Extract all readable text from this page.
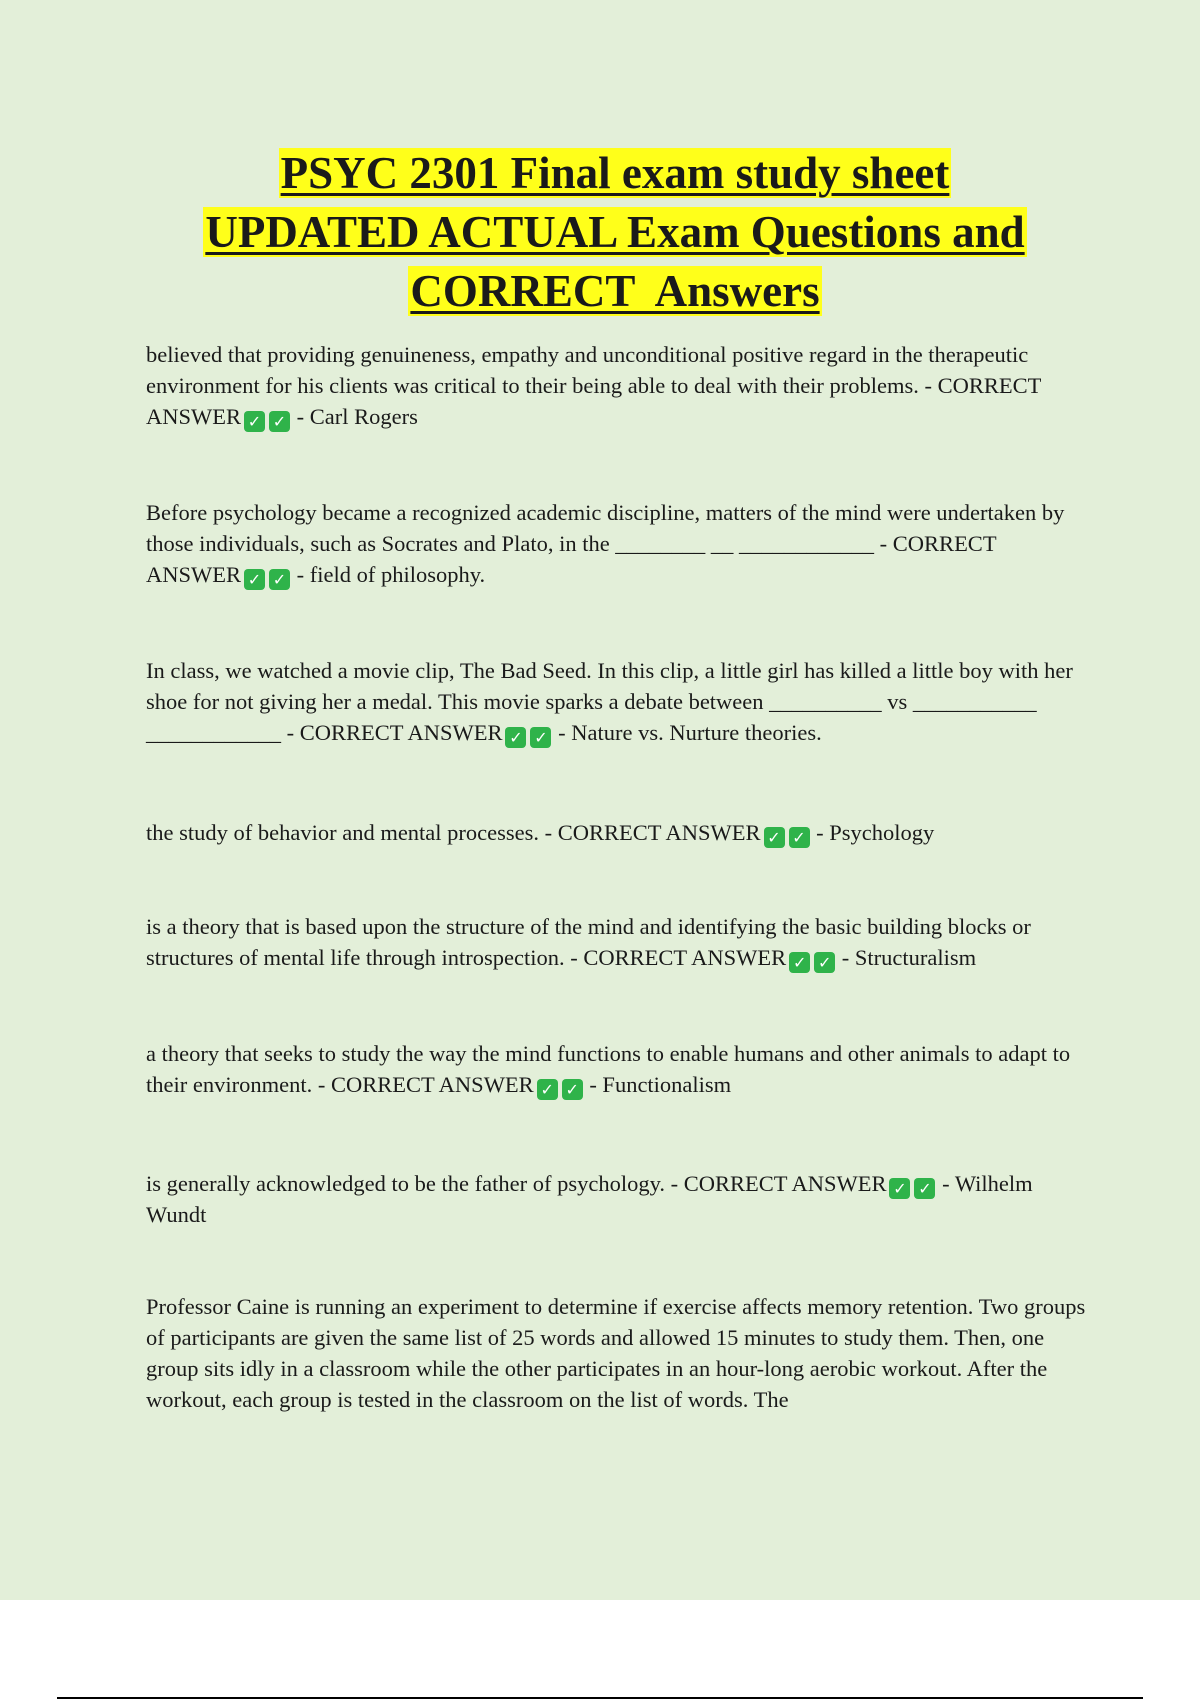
PSYC 2301 Final exam study sheet
UPDATED ACTUAL Exam Questions and
CORRECT  Answers

believed that providing genuineness, empathy and unconditional positive regard in the therapeutic environment for his clients was critical to their being able to deal with their problems. - CORRECT ANSWER ✓ ✓ - Carl Rogers

Before psychology became a recognized academic discipline, matters of the mind were undertaken by those individuals, such as Socrates and Plato, in the ________ __ ____________ - CORRECT ANSWER ✓ ✓ - field of philosophy.

In class, we watched a movie clip, The Bad Seed. In this clip, a little girl has killed a little boy with her shoe for not giving her a medal. This movie sparks a debate between __________ vs ___________ ____________ - CORRECT ANSWER ✓ ✓ - Nature vs. Nurture theories.

the study of behavior and mental processes. - CORRECT ANSWER ✓ ✓ - Psychology

is a theory that is based upon the structure of the mind and identifying the basic building blocks or structures of mental life through introspection. - CORRECT ANSWER ✓ ✓ - Structuralism

a theory that seeks to study the way the mind functions to enable humans and other animals to adapt to their environment. - CORRECT ANSWER ✓ ✓ - Functionalism

is generally acknowledged to be the father of psychology. - CORRECT ANSWER ✓ ✓ - Wilhelm Wundt

Professor Caine is running an experiment to determine if exercise affects memory retention. Two groups of participants are given the same list of 25 words and allowed 15 minutes to study them. Then, one group sits idly in a classroom while the other participates in an hour-long aerobic workout. After the workout, each group is tested in the classroom on the list of words. The
